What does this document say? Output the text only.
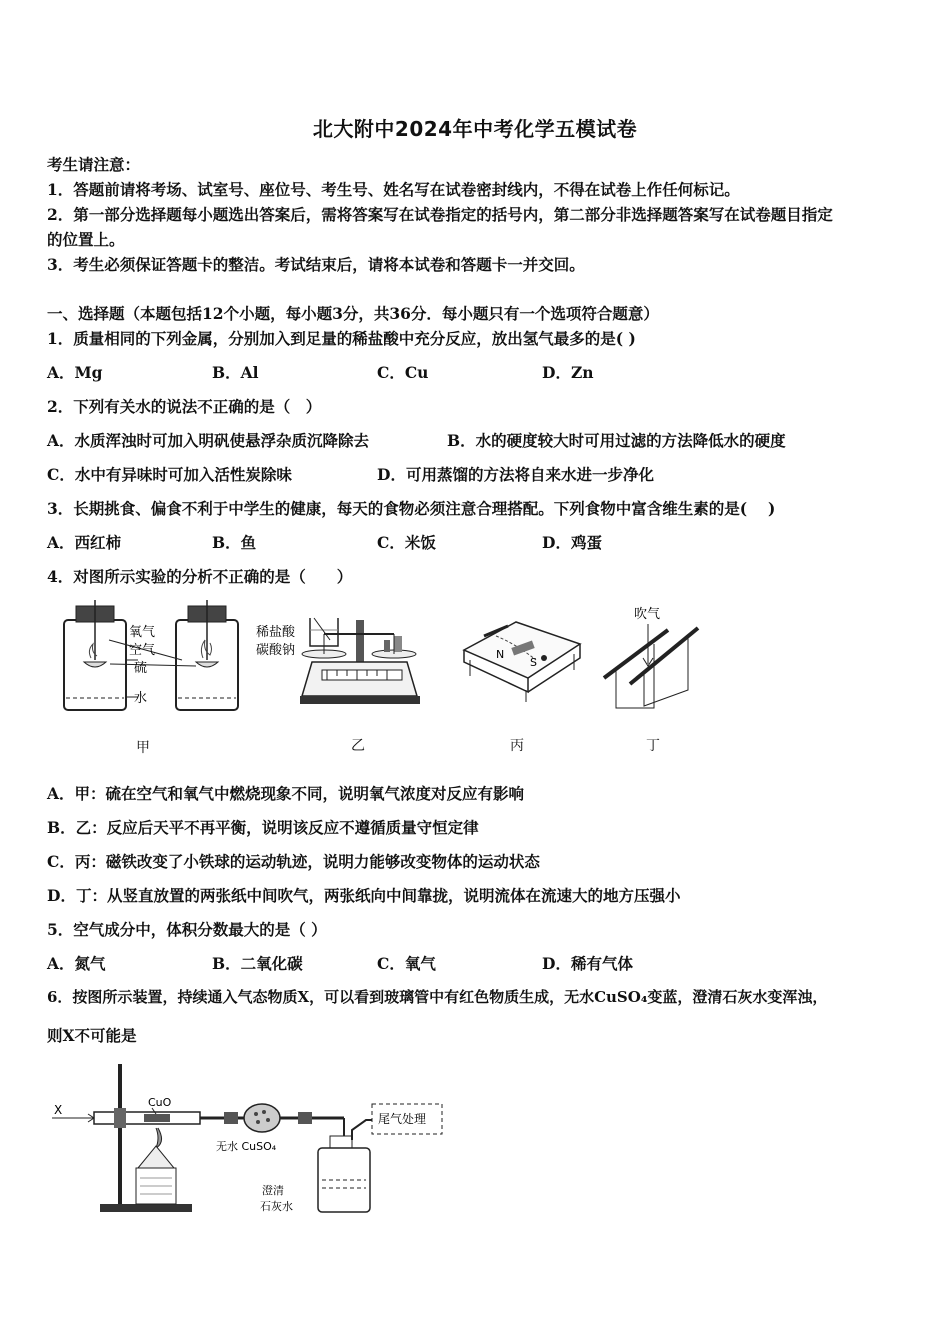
北大附中2024年中考化学五模试卷
考生请注意：
1．答题前请将考场、试室号、座位号、考生号、姓名写在试卷密封线内，不得在试卷上作任何标记。
2．第一部分选择题每小题选出答案后，需将答案写在试卷指定的括号内，第二部分非选择题答案写在试卷题目指定
的位置上。
3．考生必须保证答题卡的整洁。考试结束后，请将本试卷和答题卡一并交回。
一、选择题（本题包括12个小题，每小题3分，共36分．每小题只有一个选项符合题意）
1．质量相同的下列金属，分别加入到足量的稀盐酸中充分反应，放出氢气最多的是( )
A．Mg	B．Al	C．Cu	D．Zn
2．下列有关水的说法不正确的是（　）
A．水质浑浊时可加入明矾使悬浮杂质沉降除去	B．水的硬度较大时可用过滤的方法降低水的硬度
C．水中有异味时可加入活性炭除味	D．可用蒸馏的方法将自来水进一步净化
3．长期挑食、偏食不利于中学生的健康，每天的食物必须注意合理搭配。下列食物中富含维生素的是(　 )
A．西红柿	B．鱼	C．米饭	D．鸡蛋
4．对图所示实验的分析不正确的是（　　）
氧气
空气
硫
水
稀盐酸
碳酸钠	N
S
吹气
甲	乙	丙	丁
A．甲：硫在空气和氧气中燃烧现象不同，说明氧气浓度对反应有影响
B．乙：反应后天平不再平衡，说明该反应不遵循质量守恒定律
C．丙：磁铁改变了小铁球的运动轨迹，说明力能够改变物体的运动状态
D．丁：从竖直放置的两张纸中间吹气，两张纸向中间靠拢，说明流体在流速大的地方压强小
5．空气成分中，体积分数最大的是（ ）
A．氮气	B．二氧化碳	C．氧气	D．稀有气体
6．按图所示装置，持续通入气态物质X，可以看到玻璃管中有红色物质生成，无水CuSO₄变蓝，澄清石灰水变浑浊，
则X不可能是
X
CuO
无水 CuSO₄
澄清
石灰水
尾气处理
